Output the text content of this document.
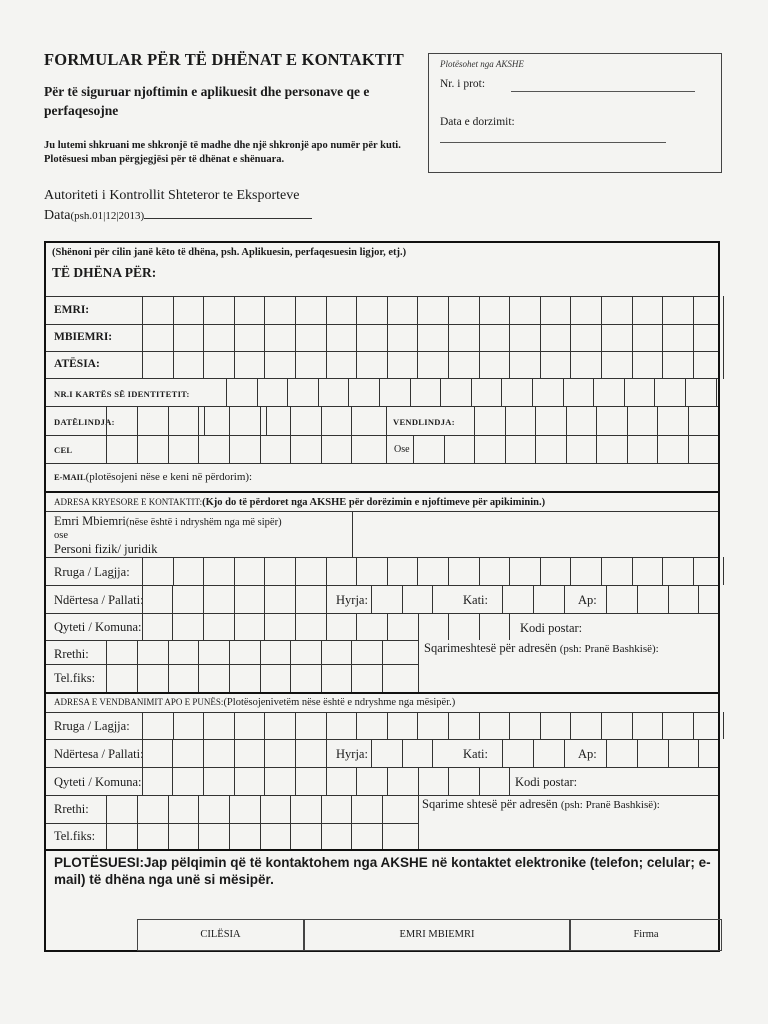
FORMULAR PËR TË DHËNAT E KONTAKTIT
Për të siguruar njoftimin e aplikuesit dhe personave qe e perfaqesojne
Ju lutemi shkruani me shkronjë të madhe dhe një shkronjë apo numër për kuti. Plotësuesi mban përgjegjësi për të dhënat e shënuara.
Plotësohet nga AKSHE
Nr. i prot:
Data e dorzimit:
Autoriteti i Kontrollit Shteteror te Eksporteve
Data(psh.01|12|2013)
(Shënoni për cilin janë këto të dhëna, psh. Aplikuesin, perfaqesuesin ligjor, etj.)
TË DHËNA PËR:
EMRI:
MBIEMRI:
ATËSIA:
NR.I KARTËS SË IDENTITETIT:
DATËLINDJA:	VENDLINDJA:
CEL	Ose
E-MAIL(plotësojeni nëse e keni në përdorim):
ADRESA KRYESORE E KONTAKTIT:(Kjo do të përdoret nga AKSHE për dorëzimin e njoftimeve për apikiminin.)
Emri Mbiemri(nëse është i ndryshëm nga më sipër)
ose
Personi fizik/ juridik
Rruga / Lagjja:
Ndërtesa / Pallati:	Hyrja:	Kati:	Ap:
Qyteti / Komuna:	Kodi postar:
Rrethi:	Sqarimeshtesë për adresën (psh: Pranë Bashkisë):
Tel.fiks:
ADRESA E VENDBANIMIT APO E PUNËS:(Plotësojenivetëm nëse është e ndryshme nga mësipër.)
Rruga / Lagjja:
Ndërtesa / Pallati:	Hyrja:	Kati:	Ap:
Qyteti / Komuna:	Kodi postar:
Rrethi:	Sqarime shtesë për adresën (psh: Pranë Bashkisë):
Tel.fiks:
PLOTËSUESI:Jap pëlqimin që të kontaktohem nga AKSHE në kontaktet elektronike (telefon; celular; e-mail) të dhëna nga unë si mësipër.
CILËSIA	EMRI MBIEMRI	Firma
